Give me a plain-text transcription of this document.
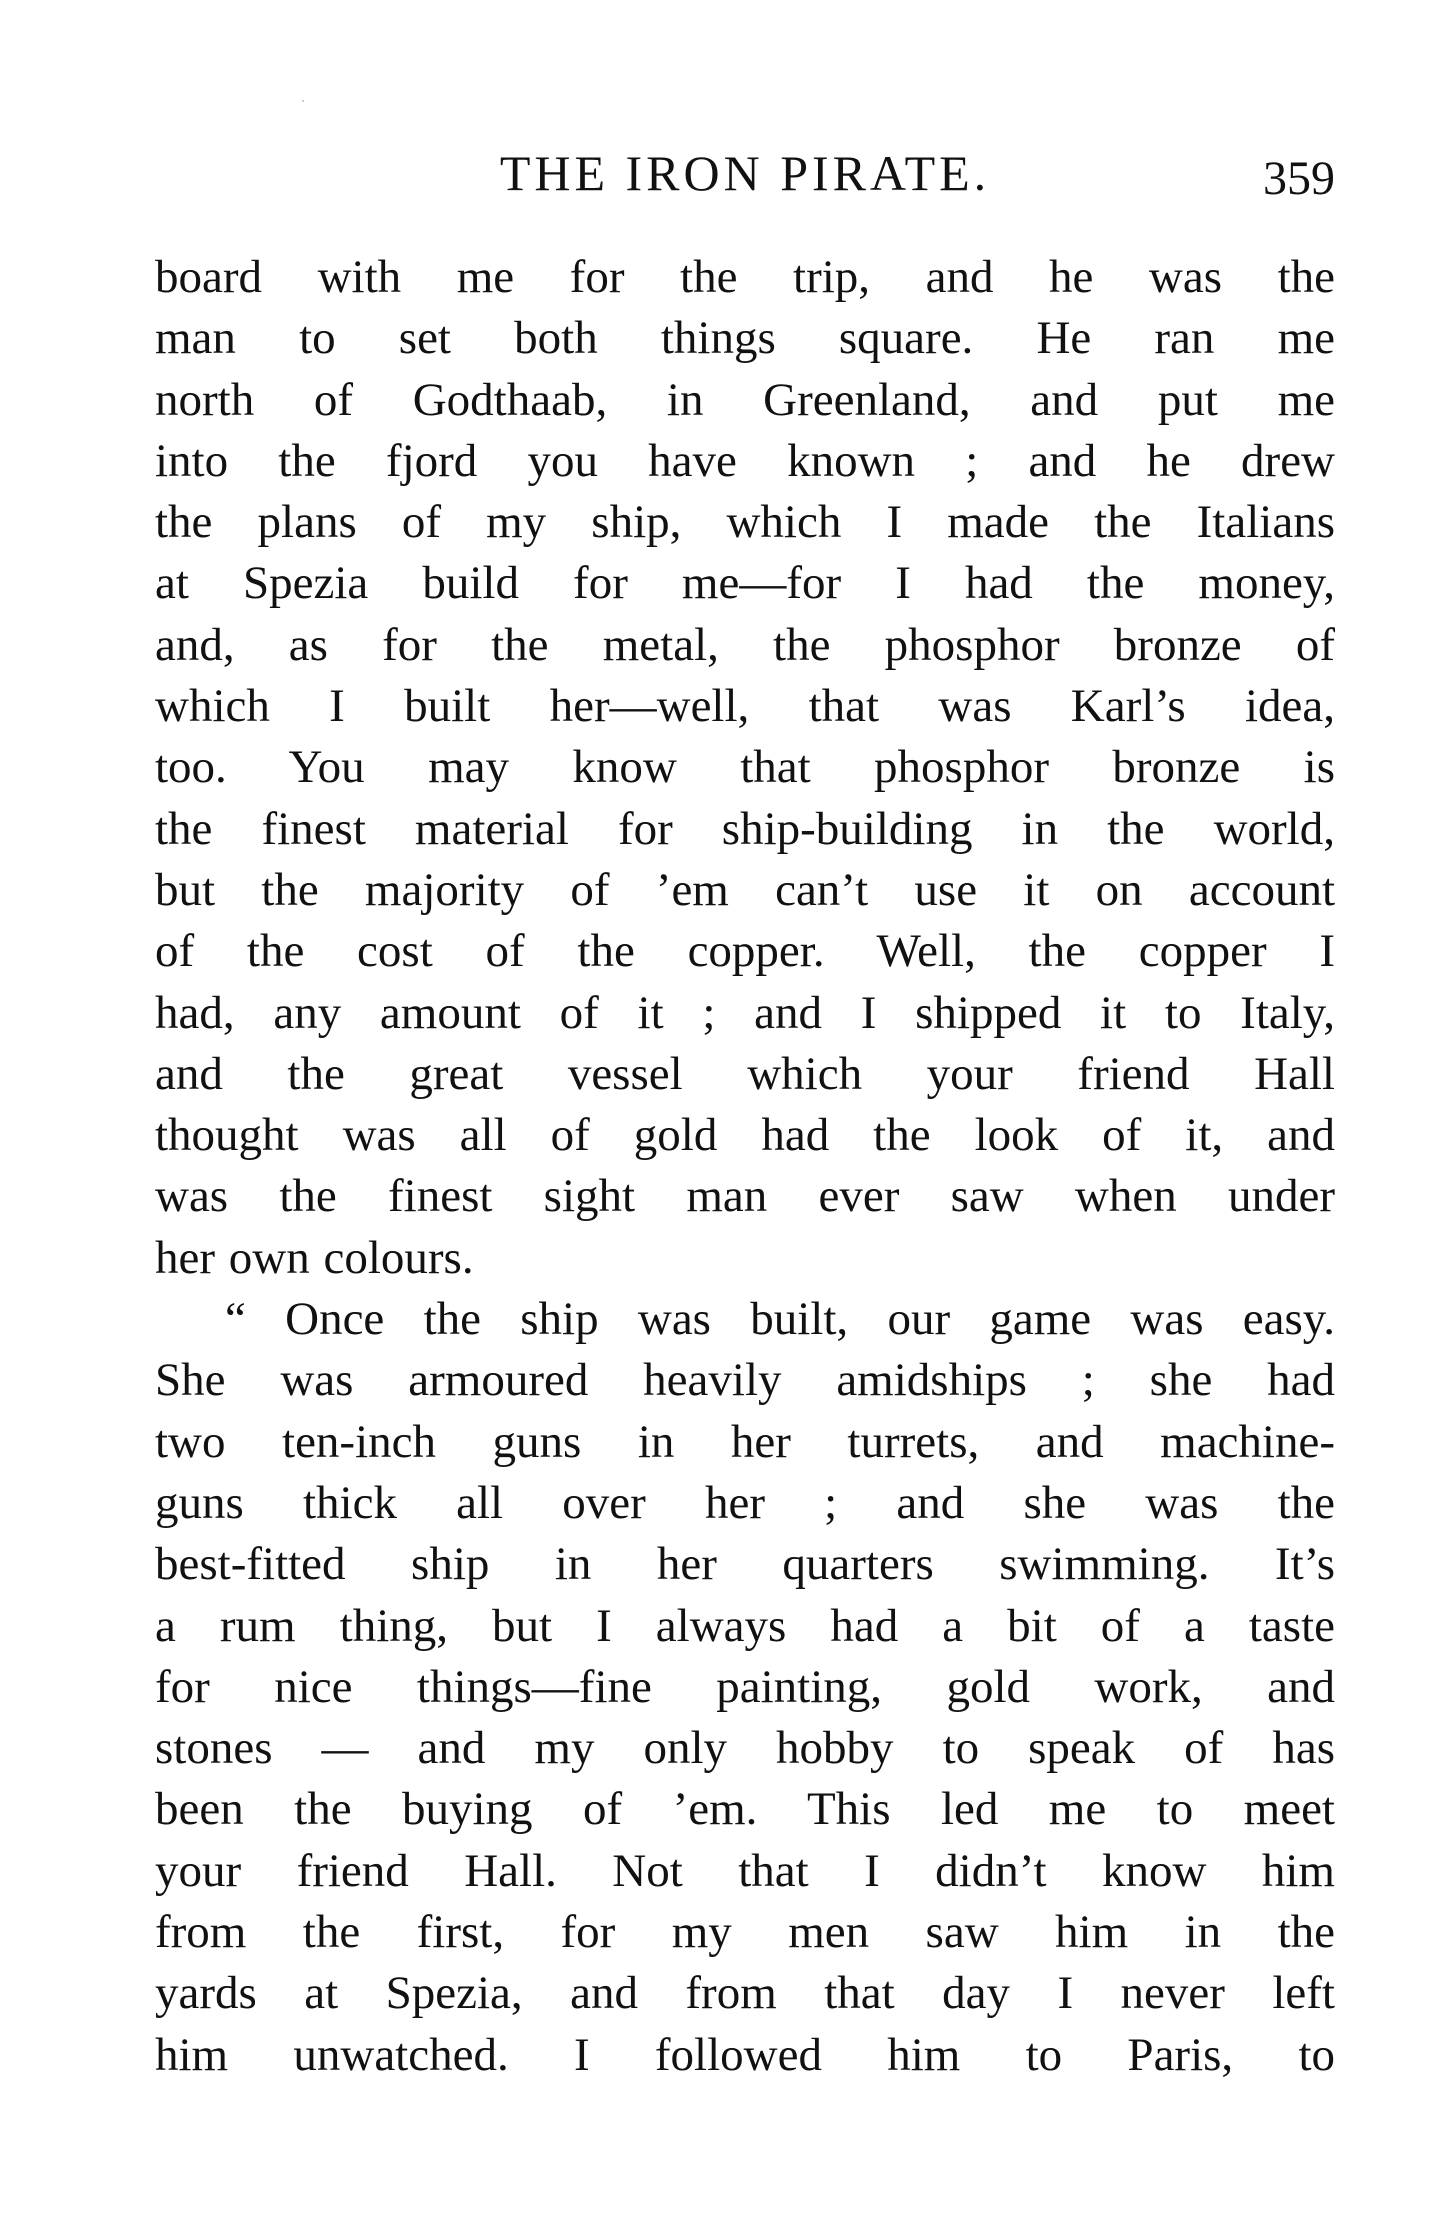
THE IRON PIRATE.	359
board with me for the trip, and he was the
man to set both things square. He ran me
north of Godthaab, in Greenland, and put me
into the fjord you have known ; and he drew
the plans of my ship, which I made the Italians
at Spezia build for me—for I had the money,
and, as for the metal, the phosphor bronze of
which I built her—well, that was Karl’s idea,
too. You may know that phosphor bronze is
the finest material for ship-building in the world,
but the majority of ’em can’t use it on account
of the cost of the copper. Well, the copper I
had, any amount of it ; and I shipped it to Italy,
and the great vessel which your friend Hall
thought was all of gold had the look of it, and
was the finest sight man ever saw when under
her own colours.
“ Once the ship was built, our game was easy.
She was armoured heavily amidships ; she had
two ten-inch guns in her turrets, and machine-
guns thick all over her ; and she was the
best-fitted ship in her quarters swimming. It’s
a rum thing, but I always had a bit of a taste
for nice things—fine painting, gold work, and
stones — and my only hobby to speak of has
been the buying of ’em. This led me to meet
your friend Hall. Not that I didn’t know him
from the first, for my men saw him in the
yards at Spezia, and from that day I never left
him unwatched. I followed him to Paris, to
